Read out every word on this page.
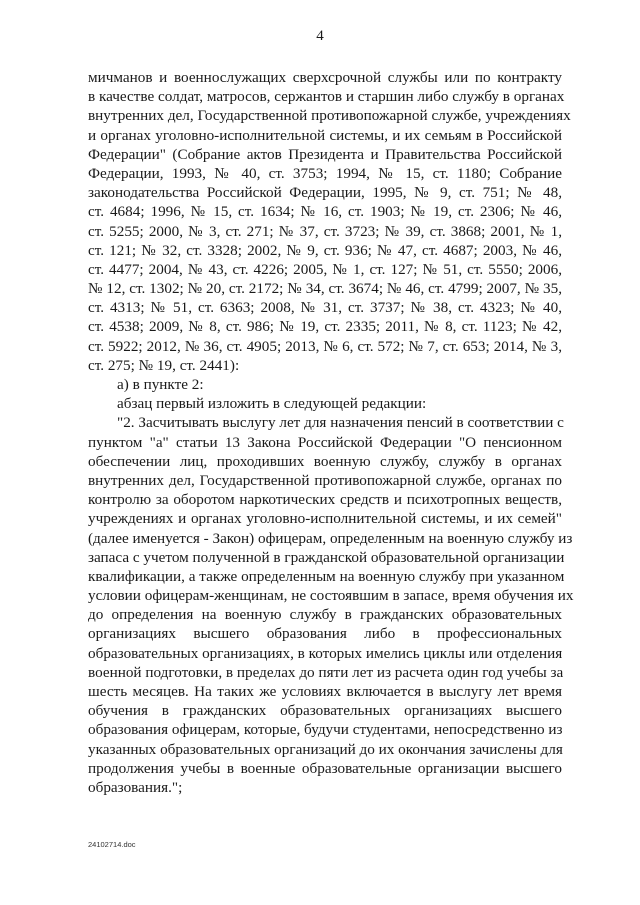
4
мичманов и военнослужащих сверхсрочной службы или по контракту
в качестве солдат, матросов, сержантов и старшин либо службу в органах
внутренних дел, Государственной противопожарной службе, учреждениях
и органах уголовно-исполнительной системы, и их семьям в Российской
Федерации" (Собрание актов Президента и Правительства Российской
Федерации, 1993, № 40, ст. 3753; 1994, № 15, ст. 1180; Собрание
законодательства Российской Федерации, 1995, № 9, ст. 751; № 48,
ст. 4684; 1996, № 15, ст. 1634; № 16, ст. 1903; № 19, ст. 2306; № 46,
ст. 5255; 2000, № 3, ст. 271; № 37, ст. 3723; № 39, ст. 3868; 2001, № 1,
ст. 121; № 32, ст. 3328; 2002, № 9, ст. 936; № 47, ст. 4687; 2003, № 46,
ст. 4477; 2004, № 43, ст. 4226; 2005, № 1, ст. 127; № 51, ст. 5550; 2006,
№ 12, ст. 1302; № 20, ст. 2172; № 34, ст. 3674; № 46, ст. 4799; 2007, № 35,
ст. 4313; № 51, ст. 6363; 2008, № 31, ст. 3737; № 38, ст. 4323; № 40,
ст. 4538; 2009, № 8, ст. 986; № 19, ст. 2335; 2011, № 8, ст. 1123; № 42,
ст. 5922; 2012, № 36, ст. 4905; 2013, № 6, ст. 572; № 7, ст. 653; 2014, № 3,
ст. 275; № 19, ст. 2441):
а) в пункте 2:
абзац первый изложить в следующей редакции:
"2. Засчитывать выслугу лет для назначения пенсий в соответствии с
пунктом "а" статьи 13 Закона Российской Федерации "О пенсионном
обеспечении лиц, проходивших военную службу, службу в органах
внутренних дел, Государственной противопожарной службе, органах по
контролю за оборотом наркотических средств и психотропных веществ,
учреждениях и органах уголовно-исполнительной системы, и их семей"
(далее именуется - Закон) офицерам, определенным на военную службу из
запаса с учетом полученной в гражданской образовательной организации
квалификации, а также определенным на военную службу при указанном
условии офицерам-женщинам, не состоявшим в запасе, время обучения их
до определения на военную службу в гражданских образовательных
организациях высшего образования либо в профессиональных
образовательных организациях, в которых имелись циклы или отделения
военной подготовки, в пределах до пяти лет из расчета один год учебы за
шесть месяцев. На таких же условиях включается в выслугу лет время
обучения в гражданских образовательных организациях высшего
образования офицерам, которые, будучи студентами, непосредственно из
указанных образовательных организаций до их окончания зачислены для
продолжения учебы в военные образовательные организации высшего
образования.";
24102714.doc
